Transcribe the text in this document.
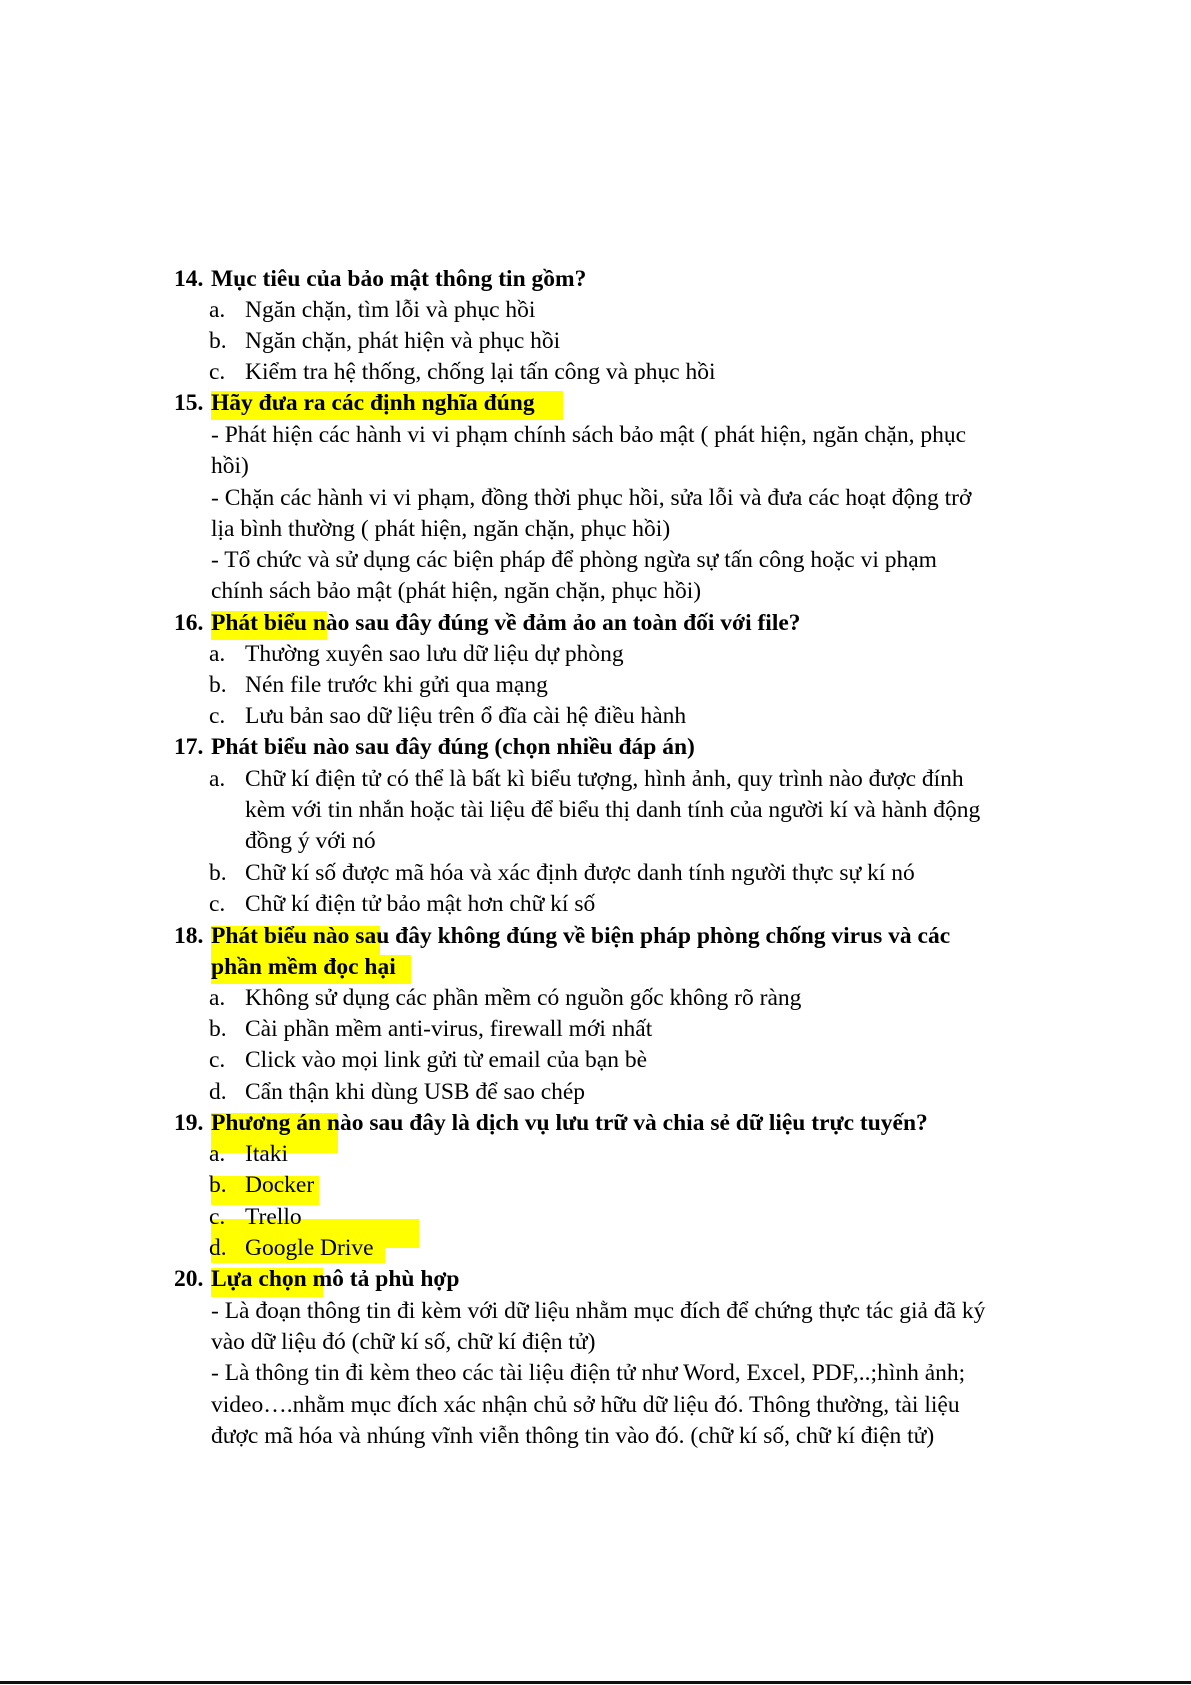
14. Mục tiêu của bảo mật thông tin gồm?
a. Ngăn chặn, tìm lỗi và phục hồi
b. Ngăn chặn, phát hiện và phục hồi
c. Kiểm tra hệ thống, chống lại tấn công và phục hồi
15. Hãy đưa ra các định nghĩa đúng
- Phát hiện các hành vi vi phạm chính sách bảo mật ( phát hiện, ngăn chặn, phục
hồi)
- Chặn các hành vi vi phạm, đồng thời phục hồi, sửa lỗi và đưa các hoạt động trở
lịa bình thường ( phát hiện, ngăn chặn, phục hồi)
- Tổ chức và sử dụng các biện pháp để phòng ngừa sự tấn công hoặc vi phạm
chính sách bảo mật (phát hiện, ngăn chặn, phục hồi)
16. Phát biểu nào sau đây đúng về đảm ảo an toàn đối với file?
a. Thường xuyên sao lưu dữ liệu dự phòng
b. Nén file trước khi gửi qua mạng
c. Lưu bản sao dữ liệu trên ổ đĩa cài hệ điều hành
17. Phát biểu nào sau đây đúng (chọn nhiều đáp án)
a. Chữ kí điện tử có thể là bất kì biểu tượng, hình ảnh, quy trình nào được đính
kèm với tin nhắn hoặc tài liệu để biểu thị danh tính của người kí và hành động
đồng ý với nó
b. Chữ kí số được mã hóa và xác định được danh tính người thực sự kí nó
c. Chữ kí điện tử bảo mật hơn chữ kí số
18. Phát biểu nào sau đây không đúng về biện pháp phòng chống virus và các
phần mềm đọc hại
a. Không sử dụng các phần mềm có nguồn gốc không rõ ràng
b. Cài phần mềm anti-virus, firewall mới nhất
c. Click vào mọi link gửi từ email của bạn bè
d. Cẩn thận khi dùng USB để sao chép
19. Phương án nào sau đây là dịch vụ lưu trữ và chia sẻ dữ liệu trực tuyến?
a. Itaki
b. Docker
c. Trello
d. Google Drive
20. Lựa chọn mô tả phù hợp
- Là đoạn thông tin đi kèm với dữ liệu nhằm mục đích để chứng thực tác giả đã ký
vào dữ liệu đó (chữ kí số, chữ kí điện tử)
- Là thông tin đi kèm theo các tài liệu điện tử như Word, Excel, PDF,..;hình ảnh;
video….nhằm mục đích xác nhận chủ sở hữu dữ liệu đó. Thông thường, tài liệu
được mã hóa và nhúng vĩnh viễn thông tin vào đó. (chữ kí số, chữ kí điện tử)
